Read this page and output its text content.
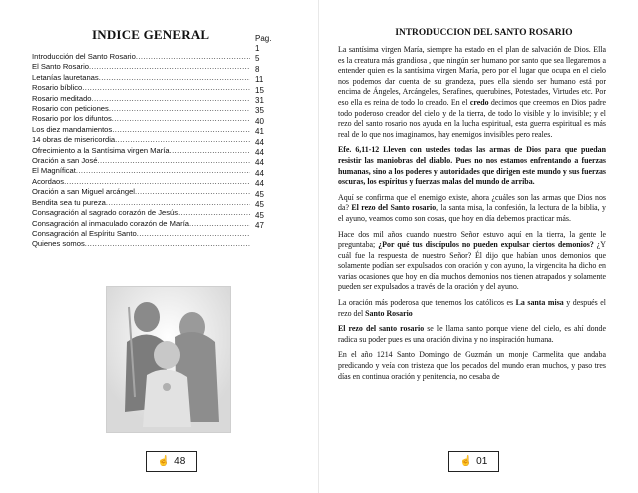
INDICE GENERAL	Pag.
Introducción del Santo Rosario
.....
El Santo Rosario
.....
Letanías lauretanas
.....
Rosario bíblico
.....
Rosario meditado
.....
Rosario con peticiones
.....
Rosario por los difuntos
.....
Los diez mandamientos
.....
14 obras de misericordia
.....
Ofrecimiento a la Santísima virgen María
.....
Oración a san José
.....
El Magníficat
.....
Acordaos
.....
Oración a san Miguel arcángel
.....
Bendita sea tu pureza
.....
Consagración al sagrado corazón de Jesús
.....
Consagración al inmaculado corazón de María
.....
Consagración al Espíritu Santo
.....
Quienes somos
.....
1
5
8
11
15
31
35
40
41
44
44
44
44
44
45
45
45
47
☝ 48
INTRODUCCION DEL SANTO ROSARIO

La santísima virgen María, siempre ha estado en el plan de salvación de Dios. Ella es la creatura más grandiosa , que ningún ser humano por santo que sea llegaremos a entender quien es la santísima virgen María, pero por el lugar que ocupa en el cielo nos podemos dar cuenta de su grandeza, pues ella siendo ser humano está por encima de Ángeles, Arcángeles, Serafines, querubines, Potestades, Virtudes etc. Por eso ella es reina de todo lo creado. En el credo decimos que creemos en Dios padre todo poderoso creador del cielo y de la tierra, de todo lo visible y lo invisible; y el rezo del santo rosario nos ayuda en la lucha espiritual, esta guerra espiritual es más real de lo que nos imaginamos, hay enemigos invisibles pero reales.

Efe. 6,11-12 Lleven con ustedes todas las armas de Dios para que puedan resistir las maniobras del diablo. Pues no nos estamos enfrentando a fuerzas humanas, sino a los poderes y autoridades que dirigen este mundo y sus fuerzas oscuras, los espíritus y fuerzas malas del mundo de arriba.

Aquí se confirma que el enemigo existe, ahora ¿cuáles son las armas que Dios nos da? El rezo del Santo rosario, la santa misa, la confesión, la lectura de la biblia, y el ayuno, veamos como son cosas, que hoy en día debemos practicar más.

Hace dos mil años cuando nuestro Señor estuvo aquí en la tierra, la gente le preguntaba; ¿Por qué tus discípulos no pueden expulsar ciertos demonios? ¿Y cuál fue la respuesta de nuestro Señor? Él dijo que habían unos demonios que solamente podían ser expulsados con oración y con ayuno, la virgencita ha dicho en varias ocasiones que hoy en día muchos demonios nos tienen atrapados y solamente pueden ser expulsados a través de la oración y del ayuno.

La oración más poderosa que tenemos los católicos es La santa misa y después el rezo del Santo Rosario

El rezo del santo rosario se le llama santo porque viene del cielo, es ahí donde radica su poder pues es una oración divina y no inspiración humana.

En el año 1214 Santo Domingo de Guzmán un monje Carmelita que andaba predicando y veía con tristeza que los pecados del mundo eran muchos, y paso tres días en continua oración y penitencia, no cesaba de

☝ 01
